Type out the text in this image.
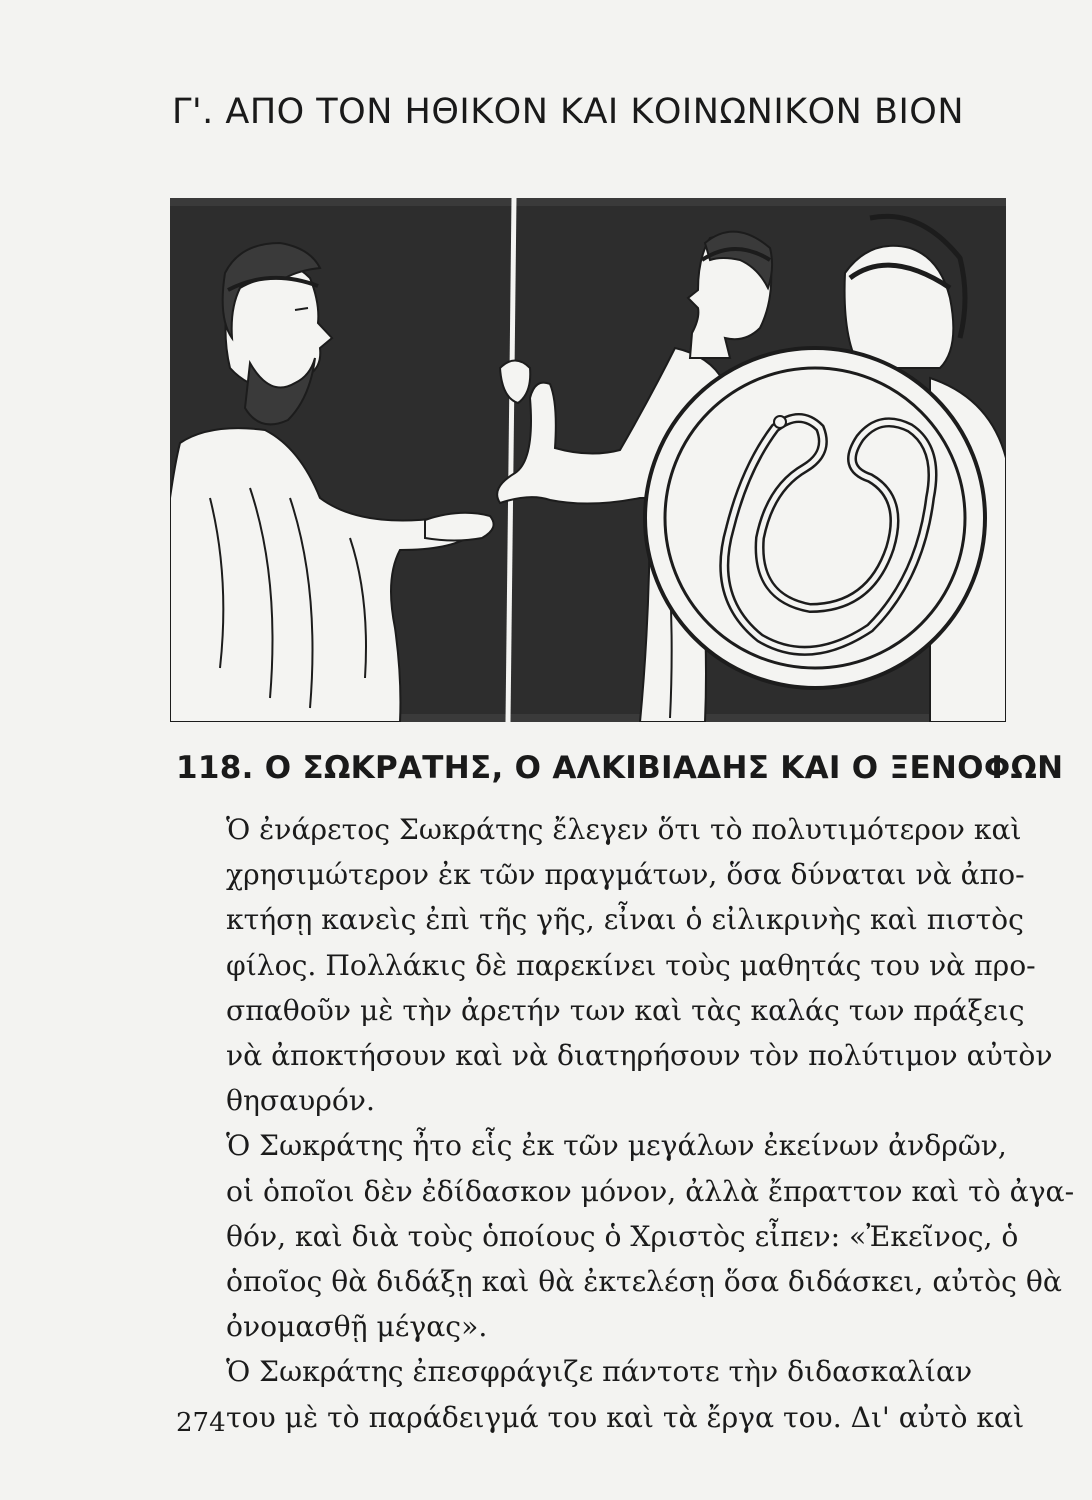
Γ'. ΑΠΟ ΤΟΝ ΗΘΙΚΟΝ ΚΑΙ ΚΟΙΝΩΝΙΚΟΝ ΒΙΟΝ
118. Ο ΣΩΚΡΑΤΗΣ, Ο ΑΛΚΙΒΙΑΔΗΣ ΚΑΙ Ο ΞΕΝΟΦΩΝ

Ὁ ἐνάρετος Σωκράτης ἔλεγεν ὅτι τὸ πολυτιμότερον καὶ
χρησιμώτερον ἐκ τῶν πραγμάτων, ὅσα δύναται νὰ ἀπο-
κτήσῃ κανεὶς ἐπὶ τῆς γῆς, εἶναι ὁ εἰλικρινὴς καὶ πιστὸς
φίλος. Πολλάκις δὲ παρεκίνει τοὺς μαθητάς του νὰ προ-
σπαθοῦν μὲ τὴν ἀρετήν των καὶ τὰς καλάς των πράξεις
νὰ ἀποκτήσουν καὶ νὰ διατηρήσουν τὸν πολύτιμον αὐτὸν
θησαυρόν.

Ὁ Σωκράτης ἦτο εἷς ἐκ τῶν μεγάλων ἐκείνων ἀνδρῶν,
οἱ ὁποῖοι δὲν ἐδίδασκον μόνον, ἀλλὰ ἔπραττον καὶ τὸ ἀγα-
θόν, καὶ διὰ τοὺς ὁποίους ὁ Χριστὸς εἶπεν: «Ἐκεῖνος, ὁ
ὁποῖος θὰ διδάξῃ καὶ θὰ ἐκτελέσῃ ὅσα διδάσκει, αὐτὸς θὰ
ὀνομασθῇ μέγας».

Ὁ Σωκράτης ἐπεσφράγιζε πάντοτε τὴν διδασκαλίαν
του μὲ τὸ παράδειγμά του καὶ τὰ ἔργα του. Δι' αὐτὸ καὶ

274
